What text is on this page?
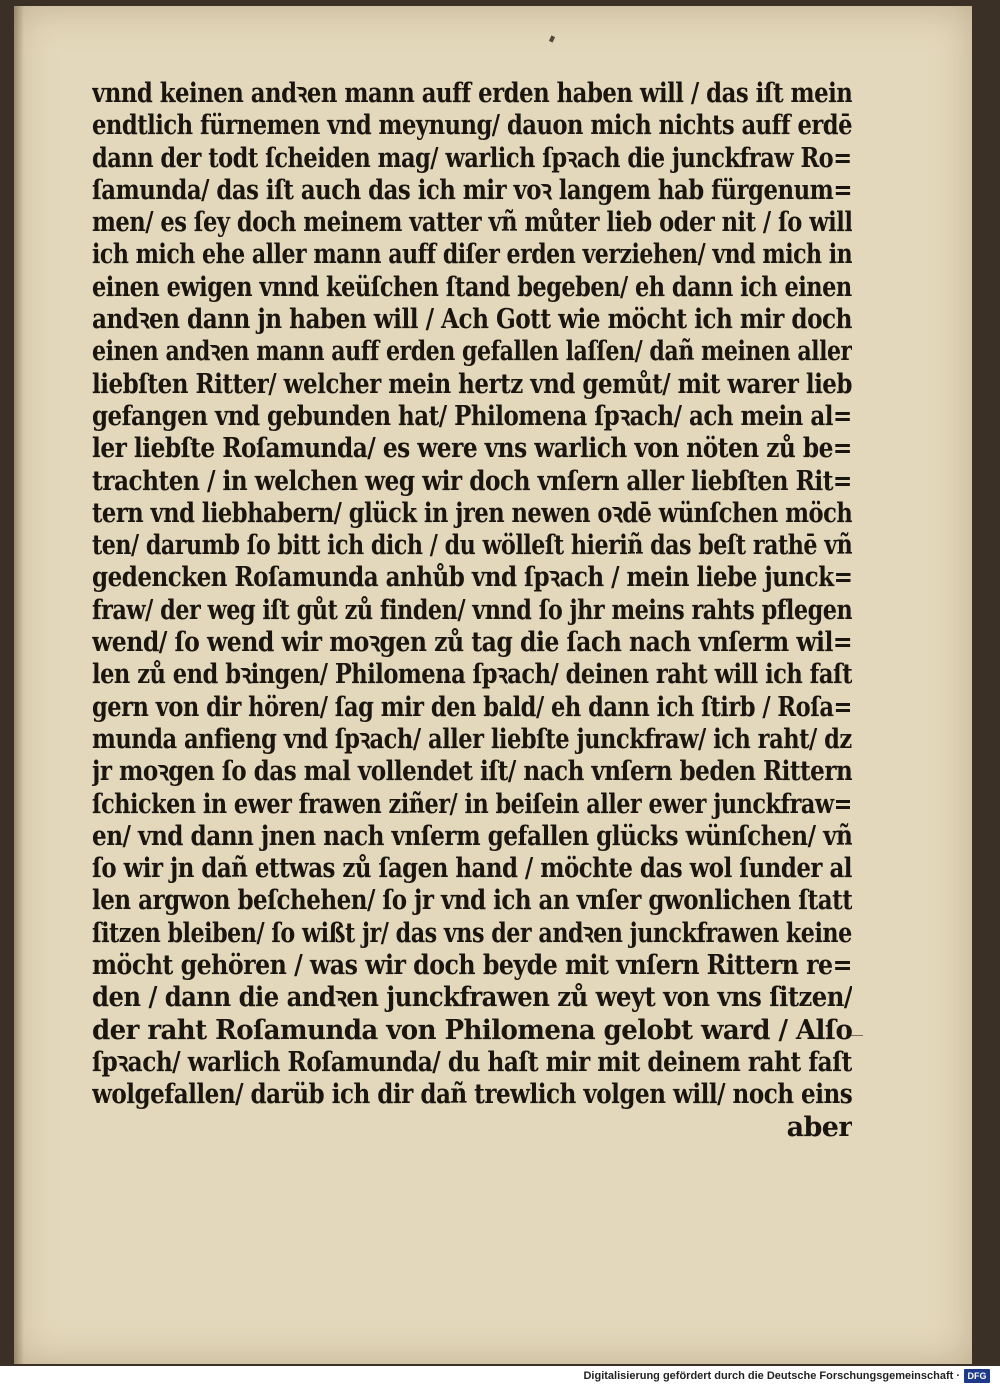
vnnd keinen andꝛen mann auff erden haben will / das iſt mein
endtlich fürnemen vnd meynung/ dauon mich nichts auff erdē
dann der todt ſcheiden mag/ warlich ſpꝛach die junckfraw Ro=
ſamunda/ das iſt auch das ich mir voꝛ langem hab fürgenum=
men/ es ſey doch meinem vatter vñ můter lieb oder nit / ſo will
ich mich ehe aller mann auff diſer erden verziehen/ vnd mich in
einen ewigen vnnd keüſchen ſtand begeben/ eh dann ich einen
andꝛen dann jn haben will / Ach Gott wie möcht ich mir doch
einen andꝛen mann auff erden gefallen laſſen/ dañ meinen aller
liebſten Ritter/ welcher mein hertz vnd gemůt/ mit warer lieb
gefangen vnd gebunden hat/ Philomena ſpꝛach/ ach mein al=
ler liebſte Roſamunda/ es were vns warlich von nöten zů be=
trachten / in welchen weg wir doch vnſern aller liebſten Rit=
tern vnd liebhabern/ glück in jren newen oꝛdē wünſchen möch
ten/ darumb ſo bitt ich dich / du wölleſt hieriñ das beſt rathē vñ
gedencken Roſamunda anhůb vnd ſpꝛach / mein liebe junck=
fraw/ der weg iſt gůt zů finden/ vnnd ſo jhr meins rahts pflegen
wend/ ſo wend wir moꝛgen zů tag die ſach nach vnſerm wil=
len zů end bꝛingen/ Philomena ſpꝛach/ deinen raht will ich faſt
gern von dir hören/ ſag mir den bald/ eh dann ich ſtirb / Roſa=
munda anfieng vnd ſpꝛach/ aller liebſte junckfraw/ ich raht/ dz
jr moꝛgen ſo das mal vollendet iſt/ nach vnſern beden Rittern
ſchicken in ewer frawen ziñer/ in beiſein aller ewer junckfraw=
en/ vnd dann jnen nach vnſerm gefallen glücks wünſchen/ vñ
ſo wir jn dañ ettwas zů ſagen hand / möchte das wol ſunder al
len argwon beſchehen/ ſo jr vnd ich an vnſer gwonlichen ſtatt
ſitzen bleiben/ ſo wißt jr/ das vns der andꝛen junckfrawen keine
möcht gehören / was wir doch beyde mit vnſern Rittern re=
den / dann die andꝛen junckfrawen zů weyt von vns ſitzen/
der raht Roſamunda von Philomena gelobt ward / Alſo
ſpꝛach/ warlich Roſamunda/ du haſt mir mit deinem raht faſt
wolgefallen/ darüb ich dir dañ trewlich volgen will/ noch eins
aber
Digitalisierung gefördert durch die Deutsche Forschungsgemeinschaft · DFG
